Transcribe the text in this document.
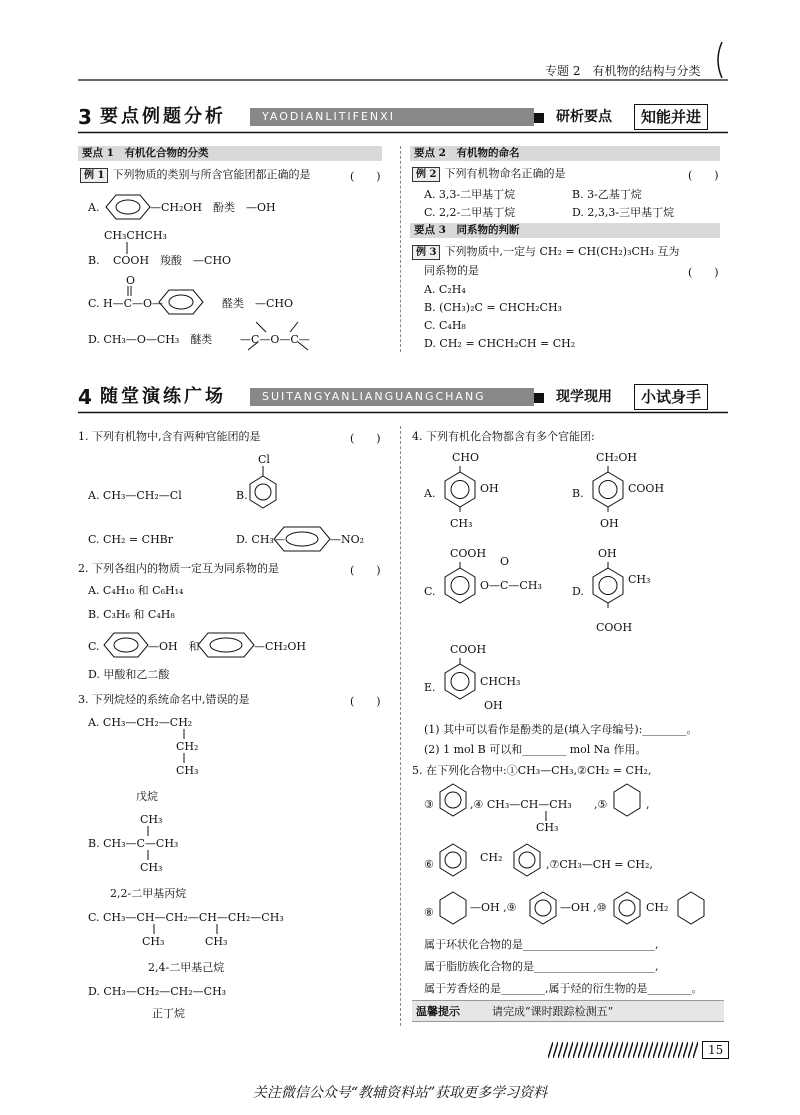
专题 2　有机物的结构与分类
3 要点例题分析	YAODIANLITIFENXI	研析要点	知能并进
要点 1　有机化合物的分类
例 1 下列物质的类别与所含官能团都正确的是	(　　)
A.	—CH₂OH　酚类　—OH
CH₃CHCH₃
B. COOH　羧酸　—CHO
O
C. H—C—O—	醛类　—CHO
D. CH₃—O—CH₃　醚类	—C—O—C—
要点 2　有机物的命名
例 2 下列有机物命名正确的是	(　　)
A. 3,3-二甲基丁烷	B. 3-乙基丁烷
C. 2,2-二甲基丁烷	D. 2,3,3-三甲基丁烷
要点 3　同系物的判断
例 3 下列物质中,一定与 CH₂ = CH(CH₂)₃CH₃ 互为
同系物的是	(　　)
A. C₂H₄
B. (CH₃)₂C = CHCH₂CH₃
C. C₄H₈
D. CH₂ = CHCH₂CH = CH₂
4 随堂演练广场	SUITANGYANLIANGUANGCHANG	现学现用	小试身手
1. 下列有机物中,含有两种官能团的是	(　　)
Cl
A. CH₃—CH₂—Cl	B.
C. CH₂ = CHBr	D. CH₃—	—NO₂
2. 下列各组内的物质一定互为同系物的是	(　　)
A. C₄H₁₀ 和 C₆H₁₄
B. C₃H₆ 和 C₄H₈
C.	—OH　和	—CH₂OH
D. 甲酸和乙二酸
3. 下列烷烃的系统命名中,错误的是	(　　)
A. CH₃—CH₂—CH₂
CH₂
CH₃
戊烷
CH₃
B. CH₃—C—CH₃
CH₃
2,2-二甲基丙烷
C. CH₃—CH—CH₂—CH—CH₂—CH₃
CH₃	CH₃
2,4-二甲基己烷
D. CH₃—CH₂—CH₂—CH₃
正丁烷
4. 下列有机化合物都含有多个官能团:
CHO
A.	OH
CH₃
CH₂OH
B.	COOH
OH
COOH
O
C.	O—C—CH₃
OH
D.
CH₃
COOH
COOH
E.	CHCH₃
OH
(1) 其中可以看作是酚类的是(填入字母编号):________。
(2) 1 mol B 可以和________ mol Na 作用。
5. 在下列化合物中:①CH₃—CH₃,②CH₂ = CH₂,
③	,④ CH₃—CH—CH₃
CH₃
,⑤	,
⑥
CH₂
,⑦CH₃—CH = CH₂,
⑧	—OH ,⑨	—OH ,⑩	CH₂
属于环状化合物的是________________________,
属于脂肪族化合物的是______________________,
属于芳香烃的是________,属于烃的衍生物的是________。
温馨提示	请完成“课时跟踪检测五”
15
关注微信公众号“教辅资料站”获取更多学习资料
